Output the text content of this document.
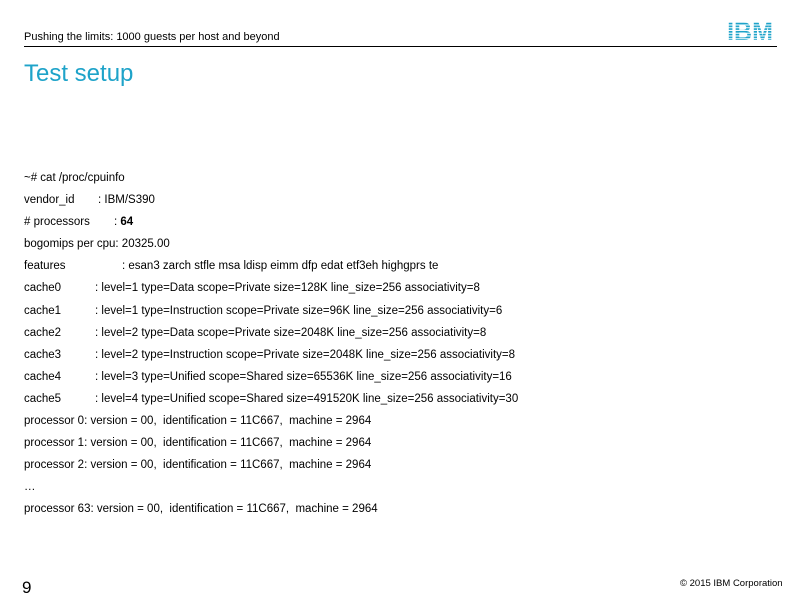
Pushing the limits: 1000 guests per host and beyond	IBM
Test setup
~# cat /proc/cpuinfo
vendor_id : IBM/S390
# processors : 64
bogomips per cpu: 20325.00
features	: esan3 zarch stfle msa ldisp eimm dfp edat etf3eh highgprs te
cache0	: level=1 type=Data scope=Private size=128K line_size=256 associativity=8
cache1	: level=1 type=Instruction scope=Private size=96K line_size=256 associativity=6
cache2	: level=2 type=Data scope=Private size=2048K line_size=256 associativity=8
cache3	: level=2 type=Instruction scope=Private size=2048K line_size=256 associativity=8
cache4	: level=3 type=Unified scope=Shared size=65536K line_size=256 associativity=16
cache5	: level=4 type=Unified scope=Shared size=491520K line_size=256 associativity=30
processor 0: version = 00,  identification = 11C667,  machine = 2964
processor 1: version = 00,  identification = 11C667,  machine = 2964
processor 2: version = 00,  identification = 11C667,  machine = 2964
…
processor 63: version = 00,  identification = 11C667,  machine = 2964
9	© 2015 IBM Corporation
